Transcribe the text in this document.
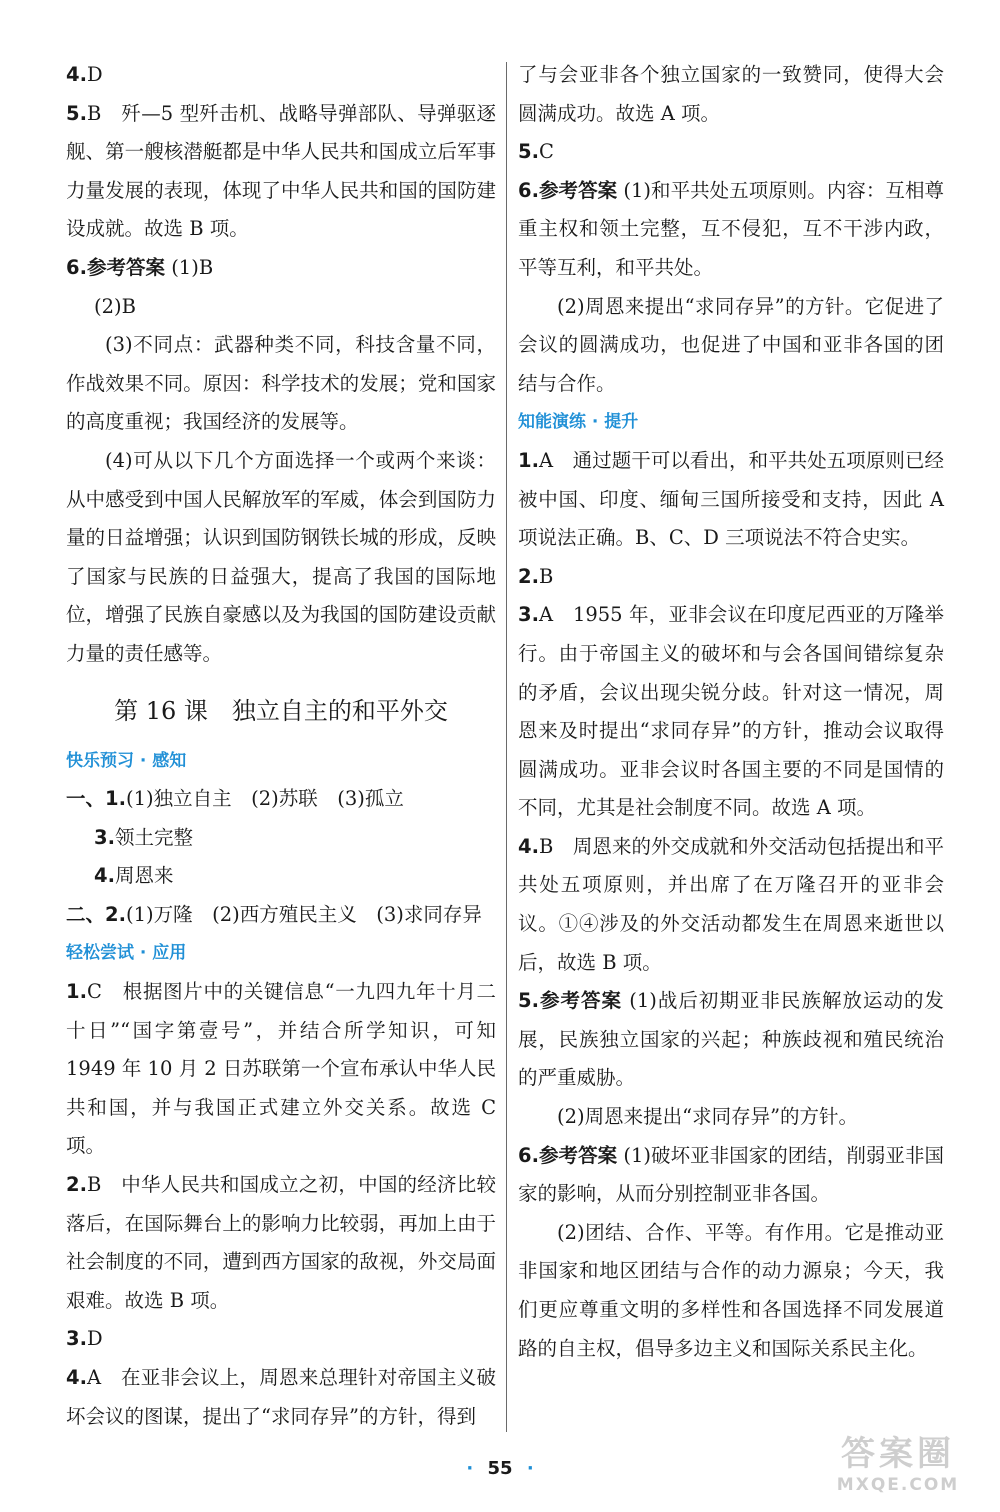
4.D

5.B　歼—5 型歼击机、战略导弹部队、导弹驱逐舰、第一艘核潜艇都是中华人民共和国成立后军事力量发展的表现，体现了中华人民共和国的国防建设成就。故选 B 项。

6.参考答案 (1)B

(2)B

(3)不同点：武器种类不同，科技含量不同，作战效果不同。原因：科学技术的发展；党和国家的高度重视；我国经济的发展等。

(4)可从以下几个方面选择一个或两个来谈：从中感受到中国人民解放军的军威，体会到国防力量的日益增强；认识到国防钢铁长城的形成，反映了国家与民族的日益强大，提高了我国的国际地位，增强了民族自豪感以及为我国的国防建设贡献力量的责任感等。

第 16 课　独立自主的和平外交

快乐预习 · 感知

一、1.(1)独立自主　(2)苏联　(3)孤立

3.领土完整

4.周恩来

二、2.(1)万隆　(2)西方殖民主义　(3)求同存异

轻松尝试 · 应用

1.C　根据图片中的关键信息“一九四九年十月二十日”“国字第壹号”，并结合所学知识，可知 1949 年 10 月 2 日苏联第一个宣布承认中华人民共和国，并与我国正式建立外交关系。故选 C 项。

2.B　中华人民共和国成立之初，中国的经济比较落后，在国际舞台上的影响力比较弱，再加上由于社会制度的不同，遭到西方国家的敌视，外交局面艰难。故选 B 项。

3.D

4.A　在亚非会议上，周恩来总理针对帝国主义破坏会议的图谋，提出了“求同存异”的方针，得到

了与会亚非各个独立国家的一致赞同，使得大会圆满成功。故选 A 项。

5.C

6.参考答案 (1)和平共处五项原则。内容：互相尊重主权和领土完整，互不侵犯，互不干涉内政，平等互利，和平共处。

(2)周恩来提出“求同存异”的方针。它促进了会议的圆满成功，也促进了中国和亚非各国的团结与合作。

知能演练 · 提升

1.A　通过题干可以看出，和平共处五项原则已经被中国、印度、缅甸三国所接受和支持，因此 A 项说法正确。B、C、D 三项说法不符合史实。

2.B

3.A　1955 年，亚非会议在印度尼西亚的万隆举行。由于帝国主义的破坏和与会各国间错综复杂的矛盾，会议出现尖锐分歧。针对这一情况，周恩来及时提出“求同存异”的方针，推动会议取得圆满成功。亚非会议时各国主要的不同是国情的不同，尤其是社会制度不同。故选 A 项。

4.B　周恩来的外交成就和外交活动包括提出和平共处五项原则，并出席了在万隆召开的亚非会议。①④涉及的外交活动都发生在周恩来逝世以后，故选 B 项。

5.参考答案 (1)战后初期亚非民族解放运动的发展，民族独立国家的兴起；种族歧视和殖民统治的严重威胁。

(2)周恩来提出“求同存异”的方针。

6.参考答案 (1)破坏亚非国家的团结，削弱亚非国家的影响，从而分别控制亚非各国。

(2)团结、合作、平等。有作用。它是推动亚非国家和地区团结与合作的动力源泉；今天，我们更应尊重文明的多样性和各国选择不同发展道路的自主权，倡导多边主义和国际关系民主化。

· 55 ·	答案圈
MXQE.COM
